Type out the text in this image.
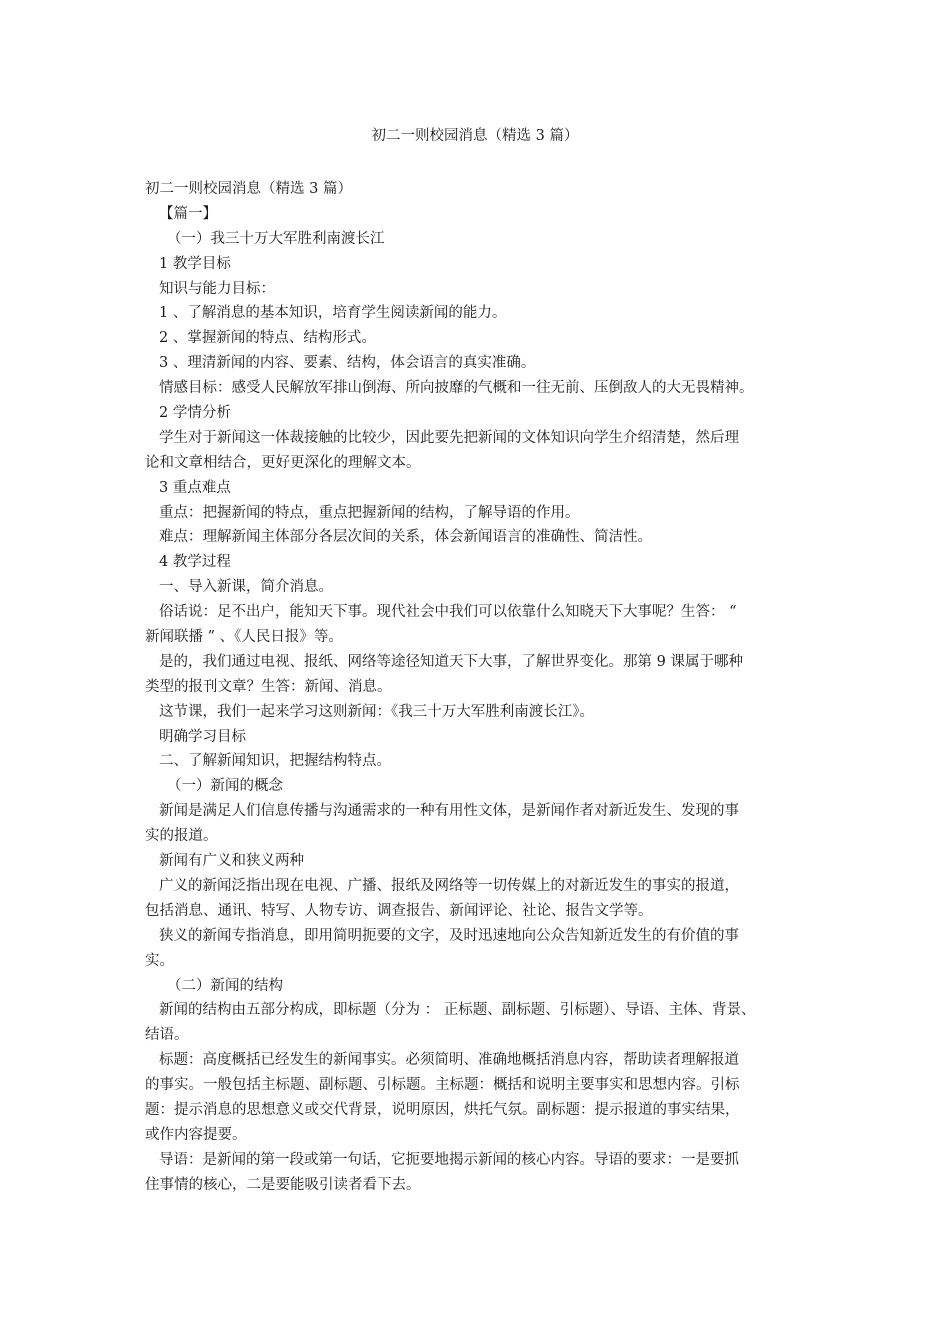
初二一则校园消息（精选 3 篇）
初二一则校园消息（精选 3 篇）
【篇一】
（一）我三十万大军胜利南渡长江
1 教学目标
知识与能力目标：
1 、了解消息的基本知识，培育学生阅读新闻的能力。
2 、掌握新闻的特点、结构形式。
3 、理清新闻的内容、要素、结构，体会语言的真实准确。
情感目标：感受人民解放军排山倒海、所向披靡的气概和一往无前、压倒敌人的大无畏精神。
2 学情分析
学生对于新闻这一体裁接触的比较少，因此要先把新闻的文体知识向学生介绍清楚，然后理
论和文章相结合，更好更深化的理解文本。
3 重点难点
重点：把握新闻的特点，重点把握新闻的结构，了解导语的作用。
难点：理解新闻主体部分各层次间的关系，体会新闻语言的准确性、简洁性。
4 教学过程
一、导入新课，简介消息。
俗话说：足不出户，能知天下事。现代社会中我们可以依靠什么知晓天下大事呢？生答： “
新闻联播 ” 、《人民日报》等。
是的，我们通过电视、报纸、网络等途径知道天下大事，了解世界变化。那第 9 课属于哪种
类型的报刊文章？生答：新闻、消息。
这节课，我们一起来学习这则新闻：《我三十万大军胜利南渡长江》。
明确学习目标
二、了解新闻知识，把握结构特点。
（一）新闻的概念
新闻是满足人们信息传播与沟通需求的一种有用性文体，是新闻作者对新近发生、发现的事
实的报道。
新闻有广义和狭义两种
广义的新闻泛指出现在电视、广播、报纸及网络等一切传媒上的对新近发生的事实的报道，
包括消息、通讯、特写、人物专访、调查报告、新闻评论、社论、报告文学等。
狭义的新闻专指消息，即用简明扼要的文字，及时迅速地向公众告知新近发生的有价值的事
实。
（二）新闻的结构
新闻的结构由五部分构成，即标题（分为 ： 正标题、副标题、引标题）、导语、主体、背景、
结语。
标题：高度概括已经发生的新闻事实。必须简明、准确地概括消息内容，帮助读者理解报道
的事实。一般包括主标题、副标题、引标题。主标题：概括和说明主要事实和思想内容。引标
题：提示消息的思想意义或交代背景，说明原因，烘托气氛。副标题：提示报道的事实结果，
或作内容提要。
导语：是新闻的第一段或第一句话，它扼要地揭示新闻的核心内容。导语的要求：一是要抓
住事情的核心，二是要能吸引读者看下去。
